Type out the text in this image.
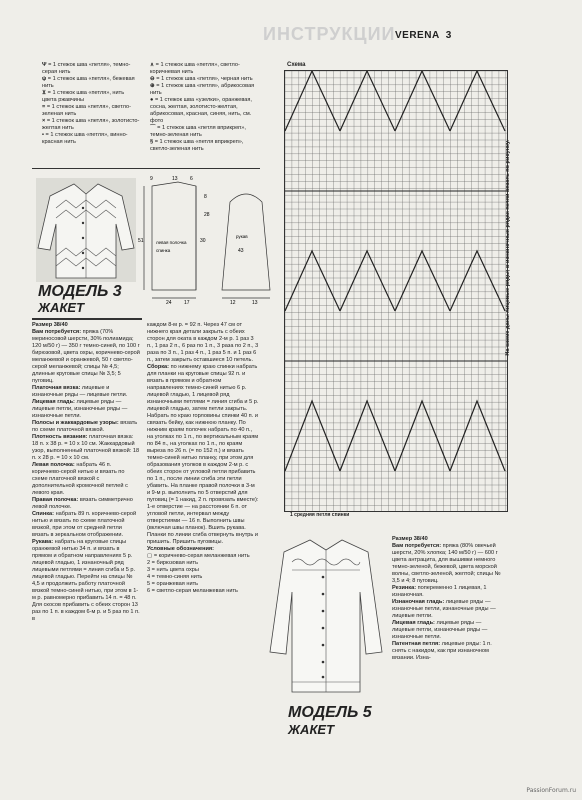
ИНСТРУКЦИИ VERENA 3
Ψ = 1 стежок шва «петля», темно-серая нить
ψ = 1 стежок шва «петля», бежевая нить
⊻ = 1 стежок шва «петля», нить цвета ржавчины
= = 1 стежок шва «петля», светло-зеленая нить
× = 1 стежок шва «петля», золотисто-желтая нить
• = 1 стежок шва «петля», винно-красная нить
∧ = 1 стежок шва «петля», светло-коричневая нить
⊖ = 1 стежок шва «петля», черная нить
⊕ = 1 стежок шва «петля», абрикосовая нить
● = 1 стежок шва «узелки», оранжевая, сосна, желтая, золотисто-желтая, абрикосовая, красная, синяя, нить, см. фото
⌒ = 1 стежок шва «петля вприкреп», темно-зеленая нить
§ = 1 стежок шва «петля вприкреп», светло-зеленая нить
9	13 6
8
28
51	30
43
24 17	12	13
левая полочка
спинка
рукав
МОДЕЛЬ 3
ЖАКЕТ
Размер 38/40
Вам потребуется: пряжа (70% мериносовой шерсти, 30% полиамида; 120 м/50 г) — 350 г темно-синей, по 100 г бирюзовой, цвета охры, коричнево-серой меланжевой и оранжевой, 50 г светло-серой меланжевой; спицы № 4,5; длинные круговые спицы № 3,5; 5 пуговиц.
Платочная вязка: лицевые и изнаночные ряды — лицевые петли.
Лицевая гладь: лицевые ряды — лицевые петли, изнаночные ряды — изнаночные петли.
Полосы и жаккардовые узоры: вязать по схеме платочной вязкой.
Плотность вязания: платочная вязка: 18 п. x 38 р. = 10 x 10 см. Жаккардовый узор, выполненный платочной вязкой: 18 п. x 28 р. = 10 x 10 см.
Левая полочка: набрать 46 п. коричнево-серой нитью и вязать по схеме платочной вязкой с дополнительной кромочной петлей с левого края.
Правая полочка: вязать симметрично левой полочке.
Спинка: набрать 89 п. коричнево-серой нитью и вязать по схеме платочной вязкой, при этом от средней петли вязать в зеркальном отображении.
Рукава: набрать на круговые спицы оранжевой нитью 34 п. и вязать в прямом и обратном направлениях 5 р. лицевой гладью, 1 изнаночный ряд лицевыми петлями = линия сгиба и 5 р. лицевой гладью. Перейти на спицы № 4,5 и продолжить работу платочной вязкой темно-синей нитью, при этом в 1-м р. равномерно прибавить 14 п. = 48 п. Для скосов прибавить с обеих сторон 13 раз по 1 п. в каждом 6-м р. и 5 раз по 1 п. в
каждом 8-м р. = 92 п. Через 47 см от нижнего края детали закрыть с обеих сторон для оката в каждом 2-м р. 1 раз 3 п., 1 раз 2 п., 6 раз по 1 п., 3 раза по 2 п., 3 раза по 3 п., 1 раз 4 п., 1 раз 5 п. и 1 раз 6 п., затем закрыть оставшиеся 10 петель.
Сборка: по нижнему краю спинки набрать для планки на круговые спицы 92 п. и вязать в прямом и обратном направлениях темно-синей нитью 6 р. лицевой гладью, 1 лицевой ряд изнаночными петлями = линия сгиба и 5 р. лицевой гладью, затем петли закрыть. Набрать по краю горловины спинки 40 п. и связать бейку, как нижнюю планку. По нижним краям полочек набрать по 40 п., на уголках по 1 п., по вертикальным краям по 84 п., на уголках по 1 п., по краям выреза по 26 п. (= по 152 п.) и вязать темно-синей нитью планку, при этом для образования уголков в каждом 2-м р. с обеих сторон от угловой петли прибавить по 1 п., после линии сгиба эти петли убавить. На планке правой полочки в 3-м и 9-м р. выполнить по 5 отверстий для пуговиц (= 1 накид, 2 п. провязать вместе): 1-е отверстие — на расстоянии 6 п. от угловой петли, интервал между отверстиями — 16 п. Выполнить швы (включая швы планок). Вшить рукава. Планки по линии сгиба отвернуть внутрь и пришить. Пришить пуговицы.
Условные обозначения:
▢ = коричнево-серая меланжевая нить
2 = бирюзовая нить
3 = нить цвета охры
4 = темно-синяя нить
5 = оранжевая нить
6 = светло-серая меланжевая нить
Схема
1 средняя петля спинки
На схеме даны лицевые ряды; в изнаночных рядах петли вязать по рисунку.
МОДЕЛЬ 5
ЖАКЕТ
Размер 38/40
Вам потребуется: пряжа (80% овечьей шерсти, 20% хлопка; 140 м/50 г) — 600 г цвета антрацита, для вышивки немного темно-зеленой, бежевой, цвета морской волны, светло-зеленой, желтой; спицы № 3,5 и 4; 8 пуговиц.
Резинка: попеременно 1 лицевая, 1 изнаночная.
Изнаночная гладь: лицевые ряды — изнаночные петли, изнаночные ряды — лицевые петли.
Лицевая гладь: лицевые ряды — лицевые петли, изнаночные ряды — изнаночные петли.
Патентная петля: лицевые ряды: 1 п. снять с накидом, как при изнаночном вязании. Изна-
PassionForum.ru
